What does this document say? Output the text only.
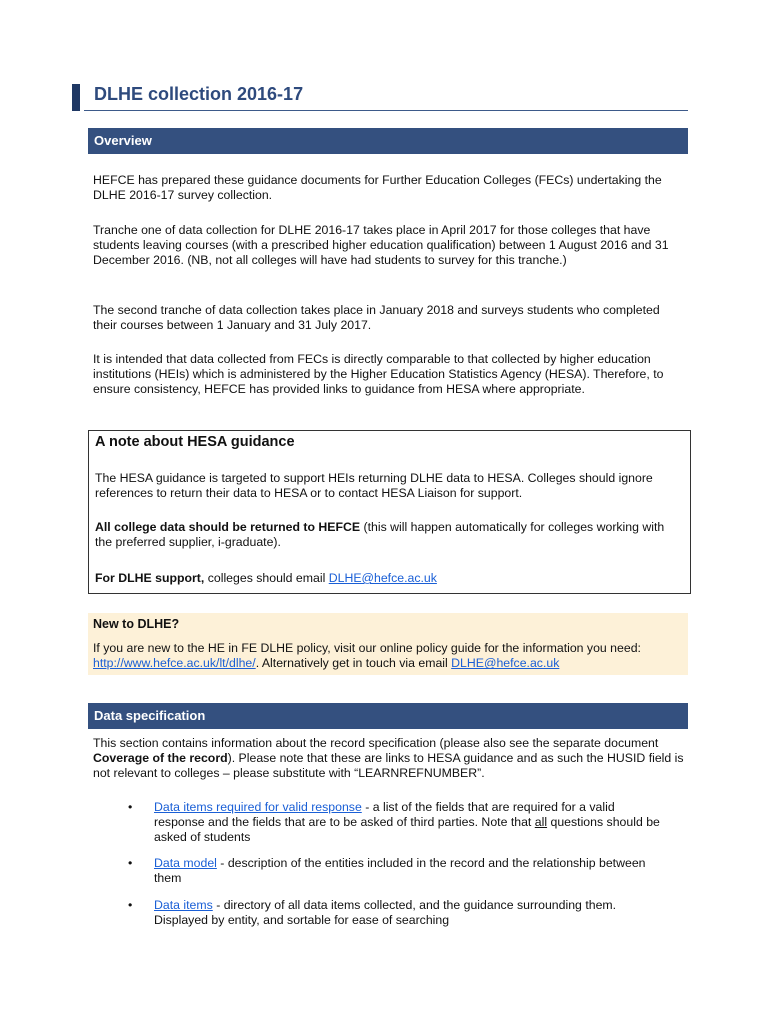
DLHE collection 2016-17
Overview

HEFCE has prepared these guidance documents for Further Education Colleges (FECs) undertaking the DLHE 2016-17 survey collection.

Tranche one of data collection for DLHE 2016-17 takes place in April 2017 for those colleges that have students leaving courses (with a prescribed higher education qualification) between 1 August 2016 and 31 December 2016. (NB, not all colleges will have had students to survey for this tranche.)

The second tranche of data collection takes place in January 2018 and surveys students who completed their courses between 1 January and 31 July 2017.

It is intended that data collected from FECs is directly comparable to that collected by higher education institutions (HEIs) which is administered by the Higher Education Statistics Agency (HESA). Therefore, to ensure consistency, HEFCE has provided links to guidance from HESA where appropriate.

A note about HESA guidance
The HESA guidance is targeted to support HEIs returning DLHE data to HESA. Colleges should ignore references to return their data to HESA or to contact HESA Liaison for support.
All college data should be returned to HEFCE (this will happen automatically for colleges working with the preferred supplier, i-graduate).
For DLHE support, colleges should email DLHE@hefce.ac.uk
New to DLHE?
If you are new to the HE in FE DLHE policy, visit our online policy guide for the information you need: http://www.hefce.ac.uk/lt/dlhe/. Alternatively get in touch via email DLHE@hefce.ac.uk
Data specification

This section contains information about the record specification (please also see the separate document Coverage of the record). Please note that these are links to HESA guidance and as such the HUSID field is not relevant to colleges – please substitute with “LEARNREFNUMBER”.

• Data items required for valid response - a list of the fields that are required for a valid response and the fields that are to be asked of third parties. Note that all questions should be asked of students
• Data model - description of the entities included in the record and the relationship between them
• Data items - directory of all data items collected, and the guidance surrounding them. Displayed by entity, and sortable for ease of searching
